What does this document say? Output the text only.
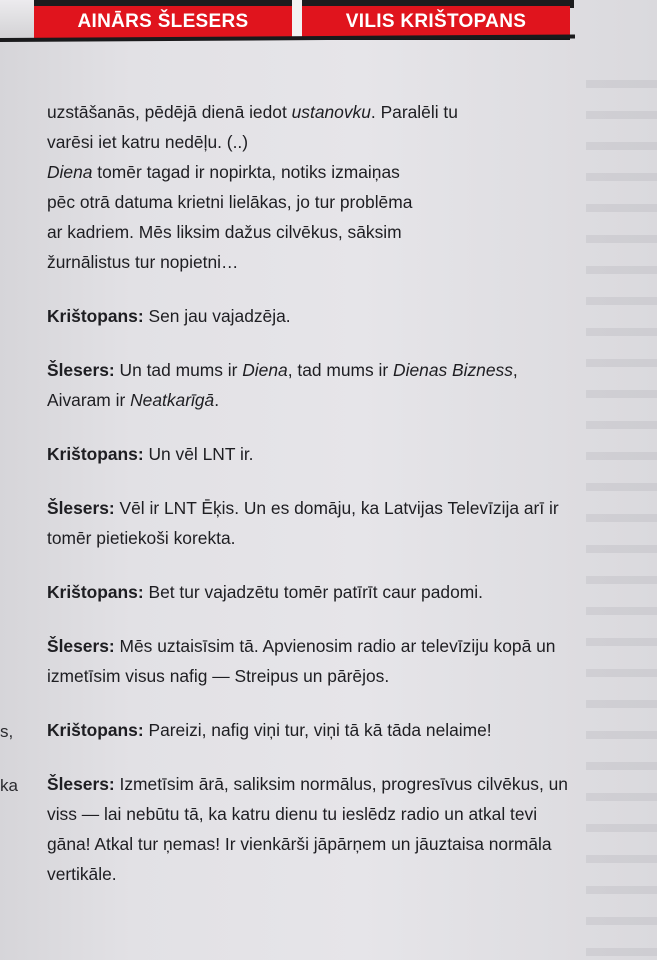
AINĀRS ŠLESERS	VILIS KRIŠTOPANS
s,
ka

uzstāšanās, pēdējā dienā iedot ustanovku. Paralēli tu

varēsi iet katru nedēļu. (..)

Diena tomēr tagad ir nopirkta, notiks izmaiņas

pēc otrā datuma krietni lielākas, jo tur problēma

ar kadriem. Mēs liksim dažus cilvēkus, sāksim

žurnālistus tur nopietni…

Krištopans: Sen jau vajadzēja.

Šlesers: Un tad mums ir Diena, tad mums ir Dienas Bizness, Aivaram ir Neatkarīgā.

Krištopans: Un vēl LNT ir.

Šlesers: Vēl ir LNT Ēķis. Un es domāju, ka Latvijas Televīzija arī ir tomēr pietiekoši korekta.

Krištopans: Bet tur vajadzētu tomēr patīrīt caur padomi.

Šlesers: Mēs uztaisīsim tā. Apvienosim radio ar televīziju kopā un izmetīsim visus nafig — Streipus un pārējos.

Krištopans: Pareizi, nafig viņi tur, viņi tā kā tāda nelaime!

Šlesers: Izmetīsim ārā, saliksim normālus, progresīvus cilvēkus, un viss — lai nebūtu tā, ka katru dienu tu ieslēdz radio un atkal tevi gāna! Atkal tur ņemas! Ir vienkārši jāpārņem un jāuztaisa normāla vertikāle.
